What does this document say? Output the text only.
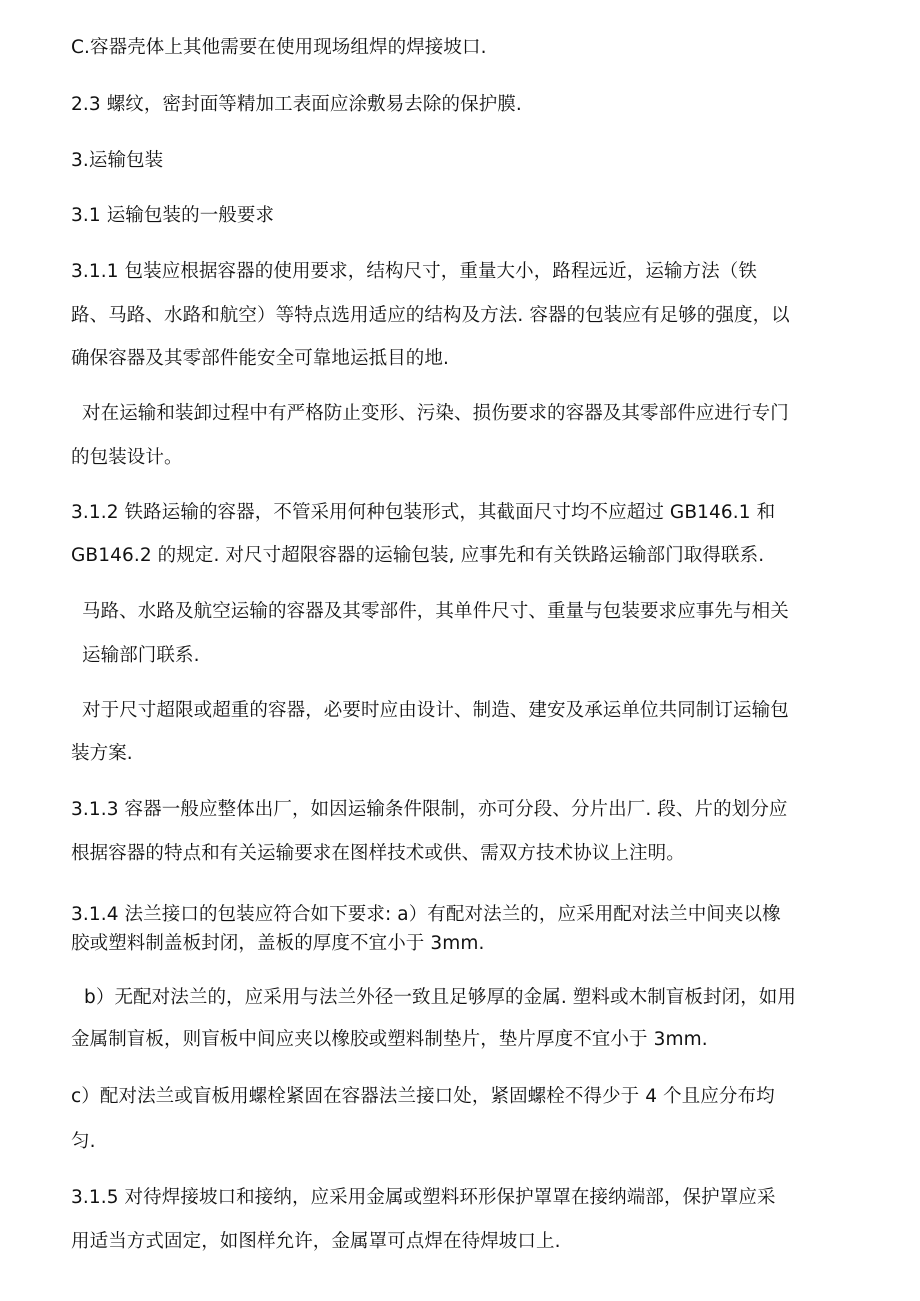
C.容器壳体上其他需要在使用现场组焊的焊接坡口.
2.3 螺纹，密封面等精加工表面应涂敷易去除的保护膜.
3.运输包装
3.1 运输包装的一般要求
3.1.1 包装应根据容器的使用要求，结构尺寸，重量大小，路程远近，运输方法（铁
路、马路、水路和航空）等特点选用适应的结构及方法. 容器的包装应有足够的强度，以
确保容器及其零部件能安全可靠地运抵目的地.
对在运输和装卸过程中有严格防止变形、污染、损伤要求的容器及其零部件应进行专门
的包装设计。
3.1.2 铁路运输的容器，不管采用何种包装形式，其截面尺寸均不应超过 GB146.1 和
GB146.2 的规定. 对尺寸超限容器的运输包装, 应事先和有关铁路运输部门取得联系.
马路、水路及航空运输的容器及其零部件，其单件尺寸、重量与包装要求应事先与相关
运输部门联系.
对于尺寸超限或超重的容器，必要时应由设计、制造、建安及承运单位共同制订运输包
装方案.
3.1.3 容器一般应整体出厂，如因运输条件限制，亦可分段、分片出厂. 段、片的划分应
根据容器的特点和有关运输要求在图样技术或供、需双方技术协议上注明。
3.1.4 法兰接口的包装应符合如下要求: a）有配对法兰的，应采用配对法兰中间夹以橡
胶或塑料制盖板封闭，盖板的厚度不宜小于 3mm.
b）无配对法兰的，应采用与法兰外径一致且足够厚的金属. 塑料或木制盲板封闭，如用
金属制盲板，则盲板中间应夹以橡胶或塑料制垫片，垫片厚度不宜小于 3mm.
c）配对法兰或盲板用螺栓紧固在容器法兰接口处，紧固螺栓不得少于 4 个且应分布均
匀.
3.1.5 对待焊接坡口和接纳，应采用金属或塑料环形保护罩罩在接纳端部，保护罩应采
用适当方式固定，如图样允许，金属罩可点焊在待焊坡口上.
